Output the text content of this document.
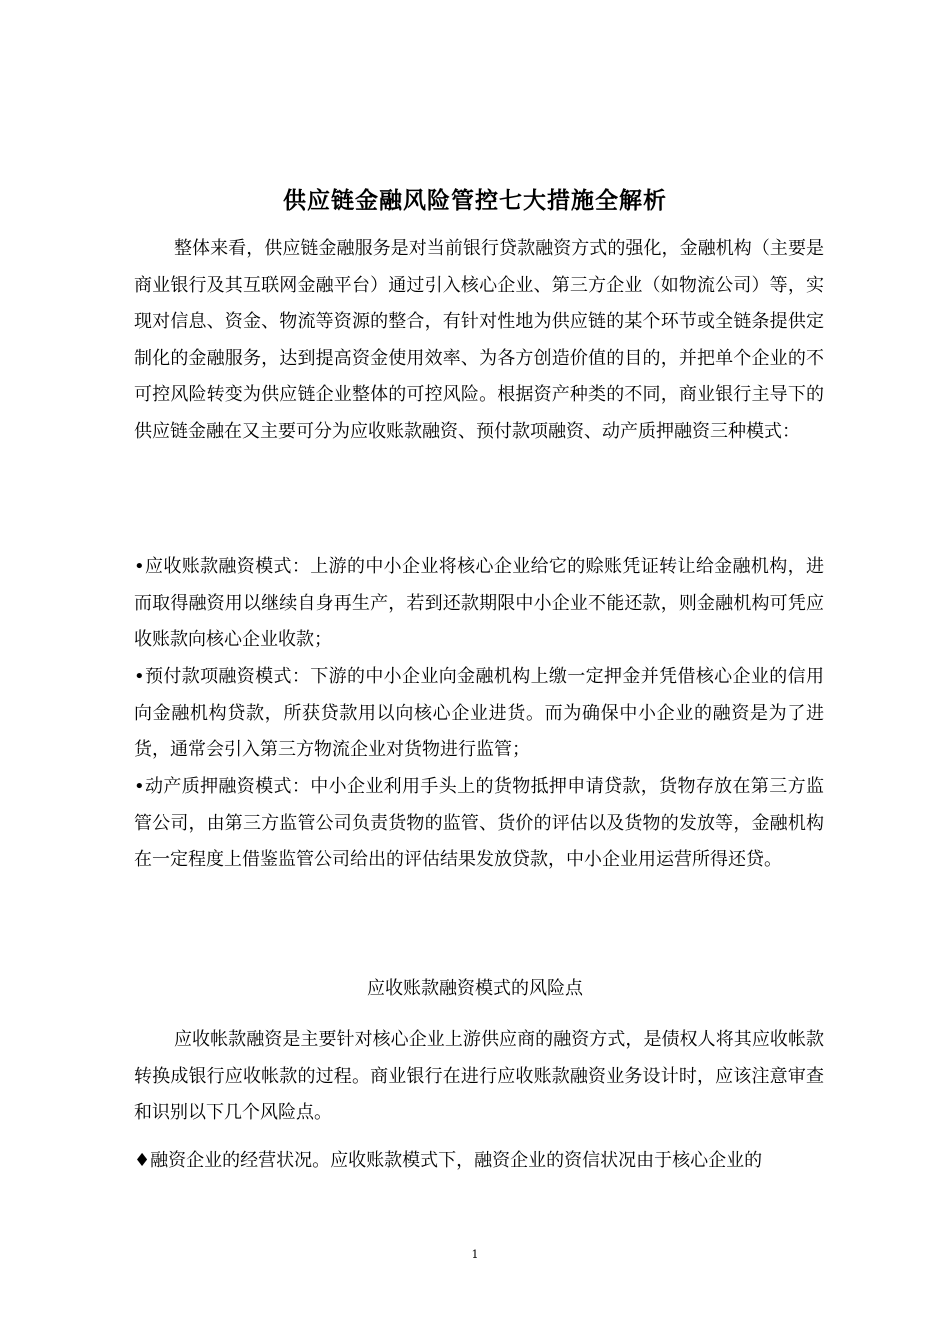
供应链金融风险管控七大措施全解析

整体来看，供应链金融服务是对当前银行贷款融资方式的强化，金融机构（主要是商业银行及其互联网金融平台）通过引入核心企业、第三方企业（如物流公司）等，实现对信息、资金、物流等资源的整合，有针对性地为供应链的某个环节或全链条提供定制化的金融服务，达到提高资金使用效率、为各方创造价值的目的，并把单个企业的不可控风险转变为供应链企业整体的可控风险。根据资产种类的不同，商业银行主导下的供应链金融在又主要可分为应收账款融资、预付款项融资、动产质押融资三种模式：

•应收账款融资模式：上游的中小企业将核心企业给它的赊账凭证转让给金融机构，进而取得融资用以继续自身再生产，若到还款期限中小企业不能还款，则金融机构可凭应收账款向核心企业收款；

•预付款项融资模式：下游的中小企业向金融机构上缴一定押金并凭借核心企业的信用向金融机构贷款，所获贷款用以向核心企业进货。而为确保中小企业的融资是为了进货，通常会引入第三方物流企业对货物进行监管；

•动产质押融资模式：中小企业利用手头上的货物抵押申请贷款，货物存放在第三方监管公司，由第三方监管公司负责货物的监管、货价的评估以及货物的发放等，金融机构在一定程度上借鉴监管公司给出的评估结果发放贷款，中小企业用运营所得还贷。

应收账款融资模式的风险点

应收帐款融资是主要针对核心企业上游供应商的融资方式，是债权人将其应收帐款转换成银行应收帐款的过程。商业银行在进行应收账款融资业务设计时，应该注意审查和识别以下几个风险点。

♦融资企业的经营状况。应收账款模式下，融资企业的资信状况由于核心企业的

1
